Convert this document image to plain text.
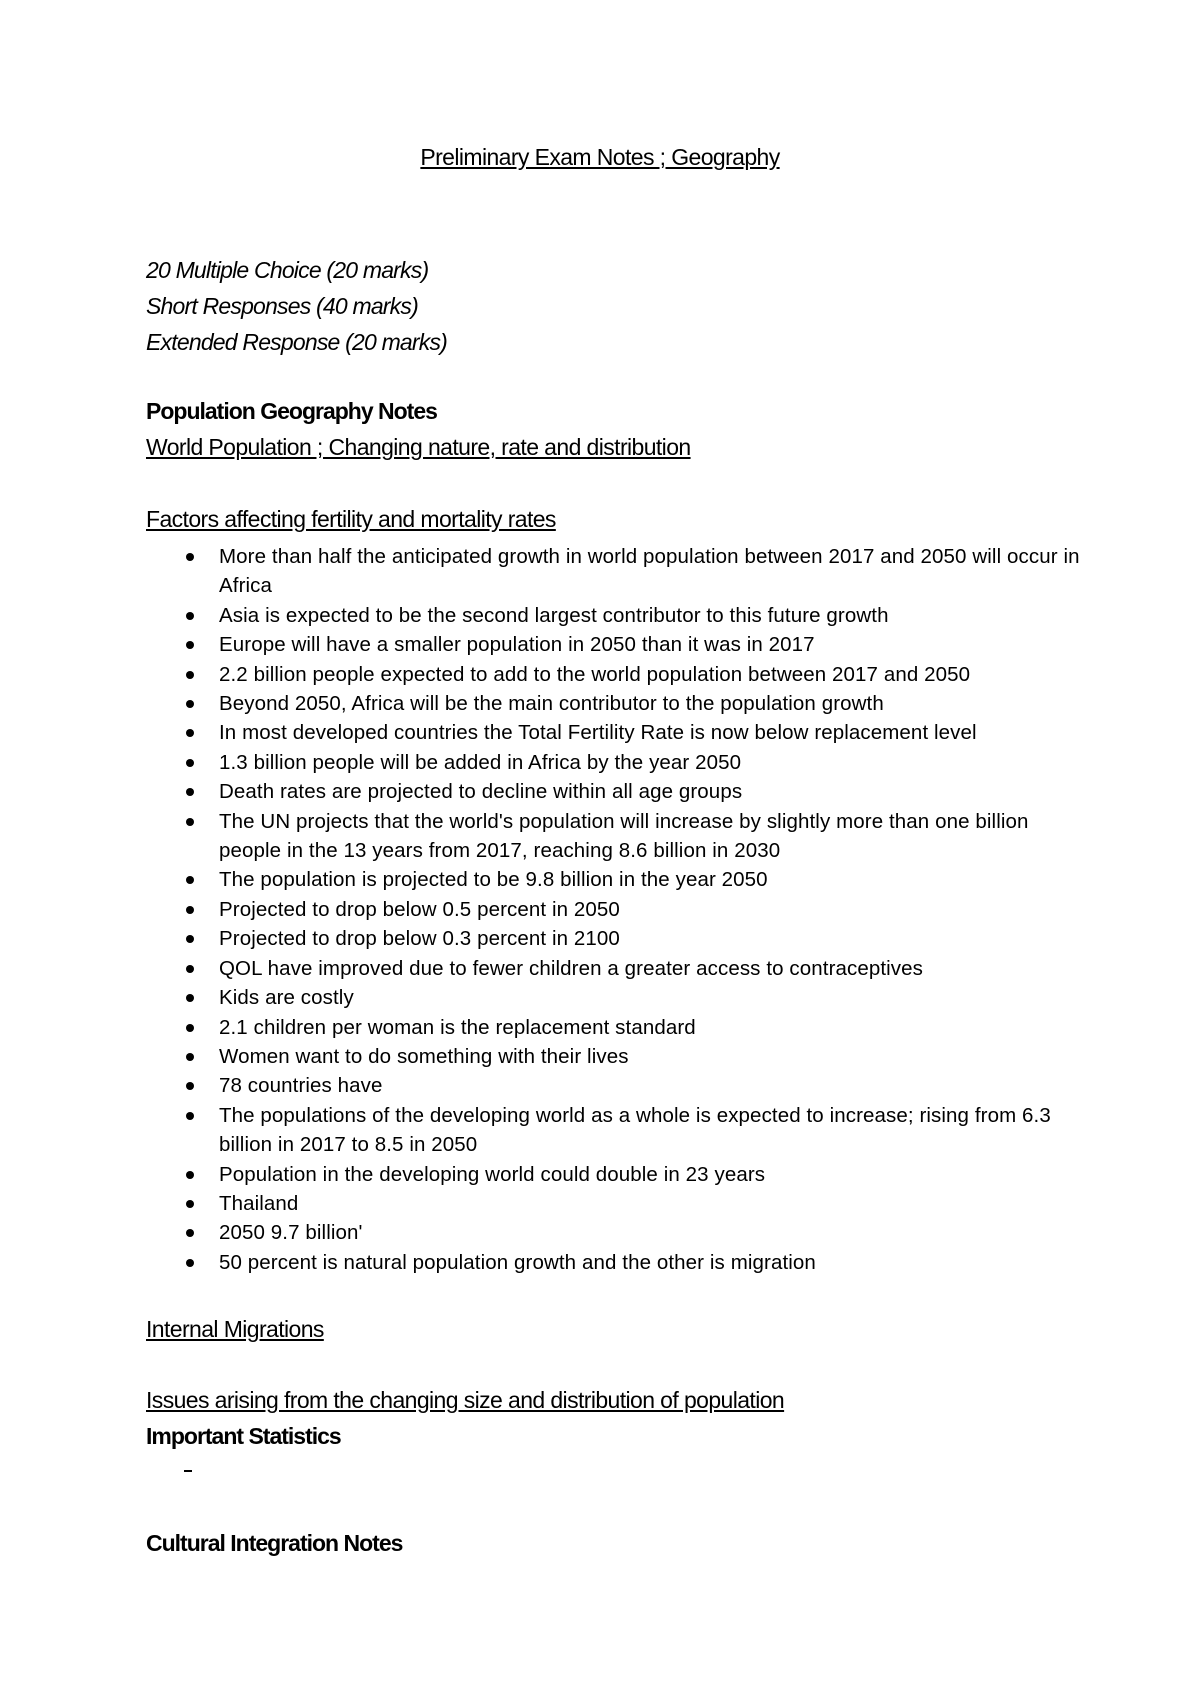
Preliminary Exam Notes ; Geography
20 Multiple Choice (20 marks)
Short Responses (40 marks)
Extended Response (20 marks)
Population Geography Notes
World Population ; Changing nature, rate and distribution
Factors affecting fertility and mortality rates
More than half the anticipated growth in world population between 2017 and 2050 will occur in Africa
Asia is expected to be the second largest contributor to this future growth
Europe will have a smaller population in 2050 than it was in 2017
2.2 billion people expected to add to the world population between 2017 and 2050
Beyond 2050, Africa will be the main contributor to the population growth
In most developed countries the Total Fertility Rate is now below replacement level
1.3 billion people will be added in Africa by the year 2050
Death rates are projected to decline within all age groups
The UN projects that the world's population will increase by slightly more than one billion people in the 13 years from 2017, reaching 8.6 billion in 2030
The population is projected to be 9.8 billion in the year 2050
Projected to drop below 0.5 percent in 2050
Projected to drop below 0.3 percent in 2100
QOL have improved due to fewer children a greater access to contraceptives
Kids are costly
2.1 children per woman is the replacement standard
Women want to do something with their lives
78 countries have
The populations of the developing world as a whole is expected to increase; rising from 6.3 billion in 2017 to 8.5 in 2050
Population in the developing world could double in 23 years
Thailand
2050 9.7 billion'
50 percent is natural population growth and the other is migration
Internal Migrations
Issues arising from the changing size and distribution of population
Important Statistics
Cultural Integration Notes
